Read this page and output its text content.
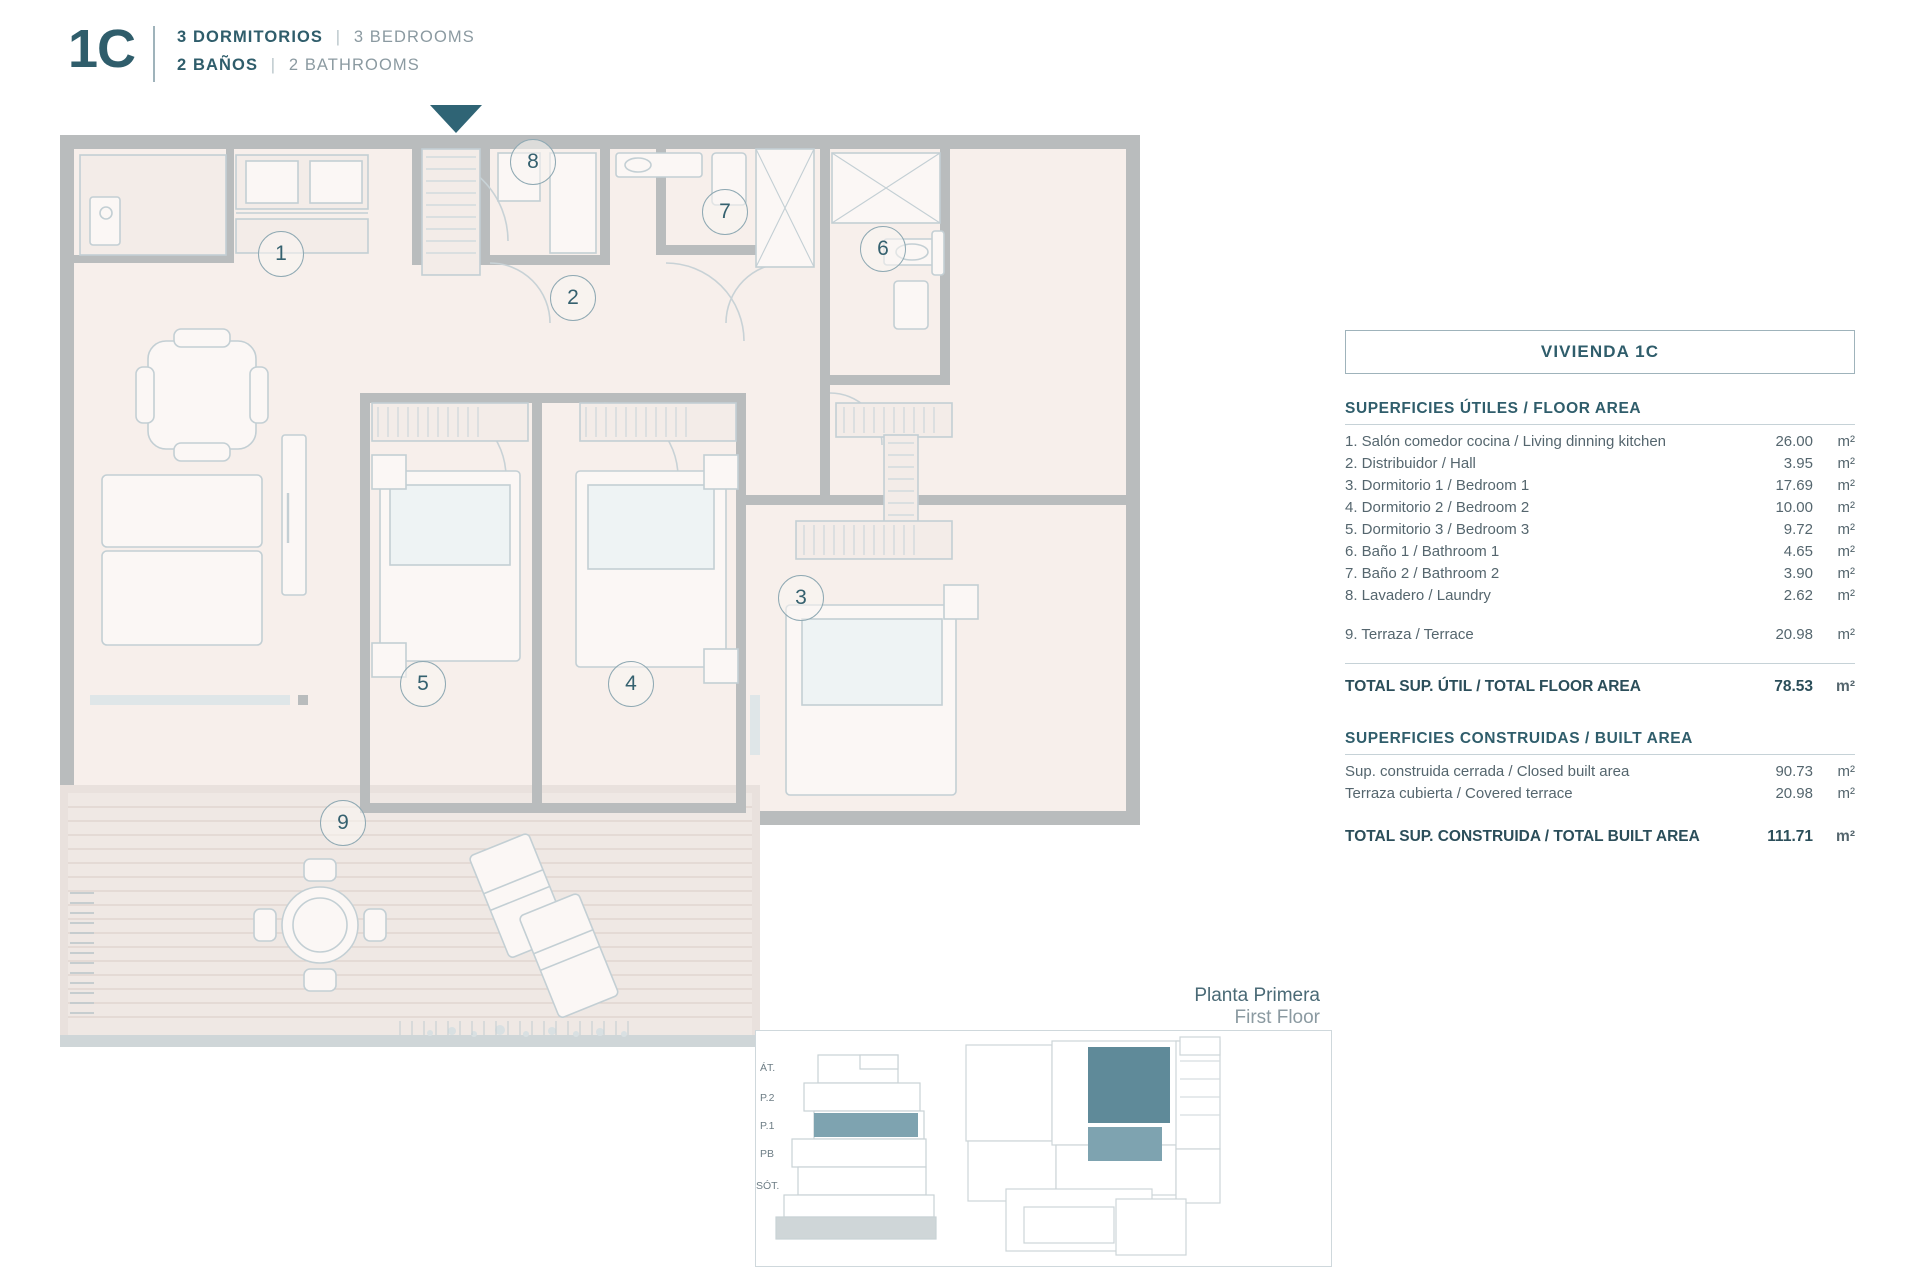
1C	3 DORMITORIOS | 3 BEDROOMS
2 BAÑOS | 2 BATHROOMS
1
2
3
4
5
6
7
8
9
VIVIENDA 1C
SUPERFICIES ÚTILES / FLOOR AREA
1. Salón comedor cocina / Living dinning kitchen	26.00	m²
2. Distribuidor / Hall	3.95	m²
3. Dormitorio 1 / Bedroom 1	17.69	m²
4. Dormitorio 2 / Bedroom 2	10.00	m²
5. Dormitorio 3 / Bedroom 3	9.72	m²
6. Baño 1 / Bathroom 1	4.65	m²
7. Baño 2 / Bathroom 2	3.90	m²
8. Lavadero / Laundry	2.62	m²
9. Terraza / Terrace	20.98	m²
TOTAL SUP. ÚTIL / TOTAL FLOOR AREA	78.53	m²
SUPERFICIES CONSTRUIDAS / BUILT AREA
Sup. construida cerrada / Closed built area	90.73	m²
Terraza cubierta / Covered terrace	20.98	m²
TOTAL SUP. CONSTRUIDA / TOTAL BUILT AREA	111.71	m²
Planta Primera
First Floor
ÁT.
P.2
P.1
PB
SÓT.
